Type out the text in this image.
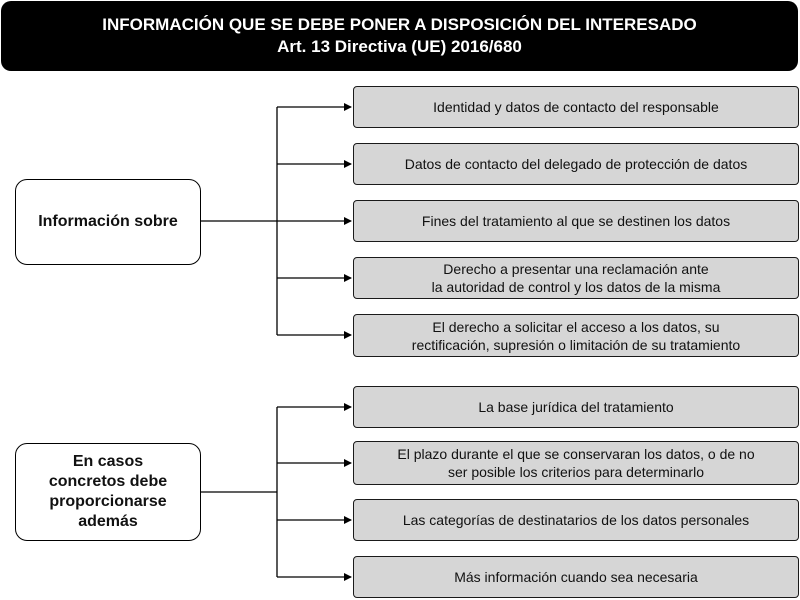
INFORMACIÓN QUE SE DEBE PONER A DISPOSICIÓN DEL INTERESADO
Art. 13 Directiva (UE) 2016/680
Información sobre
Identidad y datos de contacto del responsable
Datos de contacto del delegado de protección de datos
Fines del tratamiento al que se destinen los datos
Derecho a presentar una reclamación ante
la autoridad de control y los datos de la misma
El derecho a solicitar el acceso a los datos, su
rectificación, supresión o limitación de su tratamiento
En casos
concretos debe
proporcionarse
además
La base jurídica del tratamiento
El plazo durante el que se conservaran los datos, o de no
ser posible los criterios para determinarlo
Las categorías de destinatarios de los datos personales
Más información cuando sea necesaria
